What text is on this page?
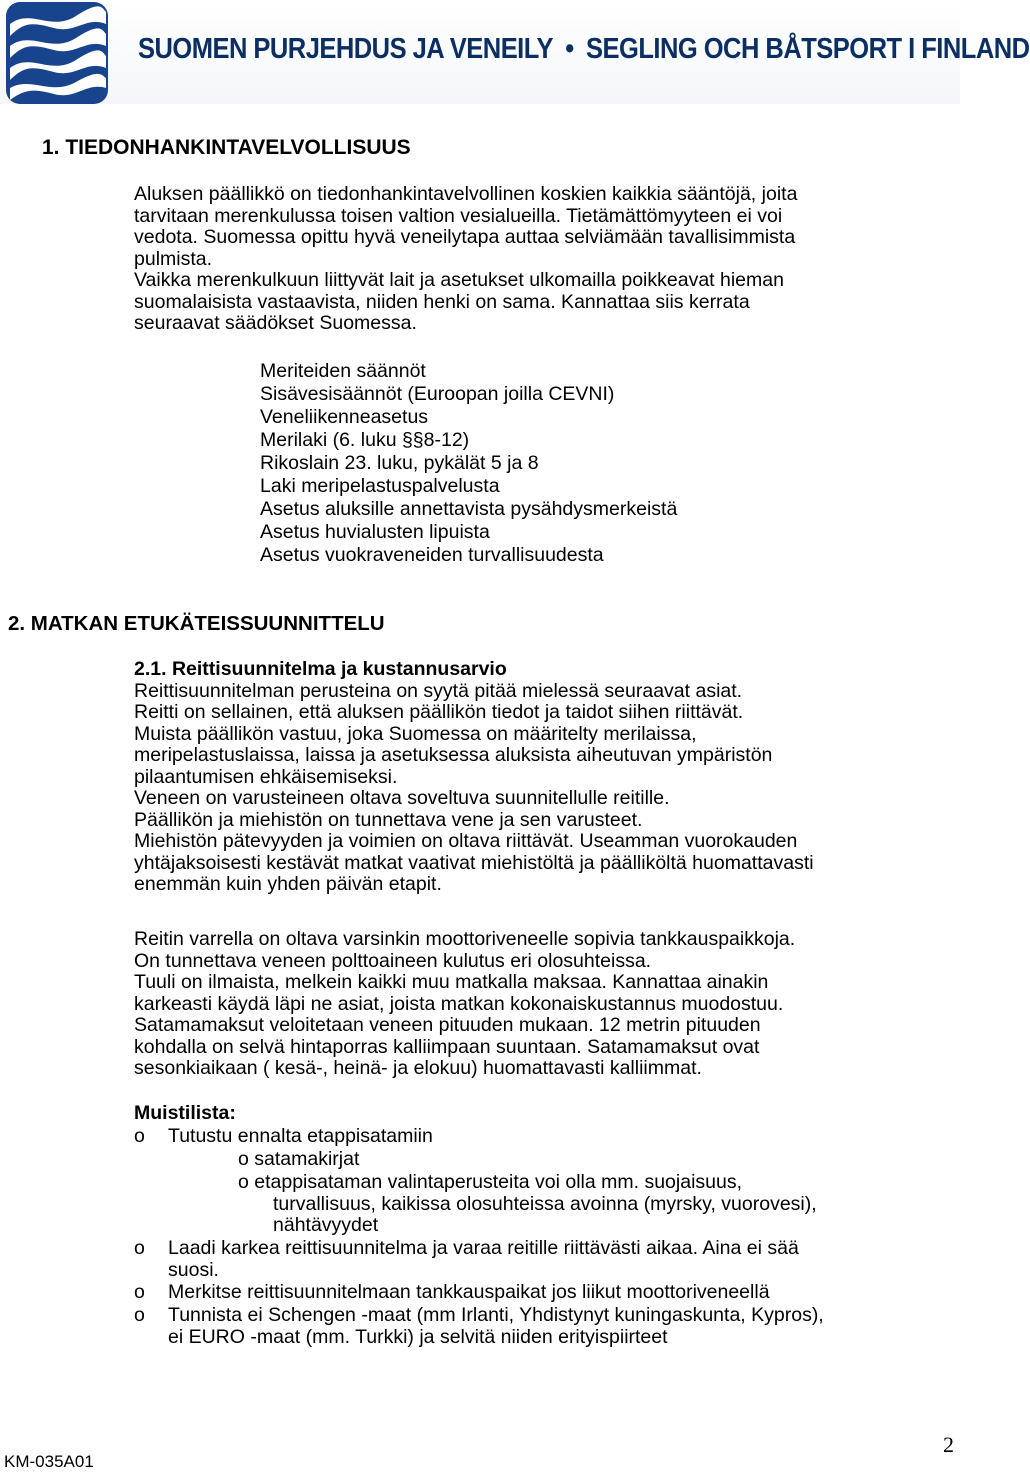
SUOMEN PURJEHDUS JA VENEILY • SEGLING OCH BÅTSPORT I FINLAND
1. TIEDONHANKINTAVELVOLLISUUS
Aluksen päällikkö on tiedonhankintavelvollinen koskien kaikkia sääntöjä, joita
tarvitaan merenkulussa toisen valtion vesialueilla. Tietämättömyyteen ei voi
vedota. Suomessa opittu hyvä veneilytapa auttaa selviämään tavallisimmista
pulmista.
Vaikka merenkulkuun liittyvät lait ja asetukset ulkomailla poikkeavat hieman
suomalaisista vastaavista, niiden henki on sama. Kannattaa siis kerrata
seuraavat säädökset Suomessa.
Meriteiden säännöt
Sisävesisäännöt (Euroopan joilla CEVNI)
Veneliikenneasetus
Merilaki (6. luku §§8-12)
Rikoslain 23. luku, pykälät 5 ja 8
Laki meripelastuspalvelusta
Asetus aluksille annettavista pysähdysmerkeistä
Asetus huvialusten lipuista
Asetus vuokraveneiden turvallisuudesta
2. MATKAN ETUKÄTEISSUUNNITTELU
2.1. Reittisuunnitelma ja kustannusarvio
Reittisuunnitelman perusteina on syytä pitää mielessä seuraavat asiat.
Reitti on sellainen, että aluksen päällikön tiedot ja taidot siihen riittävät.
Muista päällikön vastuu, joka Suomessa on määritelty merilaissa,
meripelastuslaissa, laissa ja asetuksessa aluksista aiheutuvan ympäristön
pilaantumisen ehkäisemiseksi.
Veneen on varusteineen oltava soveltuva suunnitellulle reitille.
Päällikön ja miehistön on tunnettava vene ja sen varusteet.
Miehistön pätevyyden ja voimien on oltava riittävät. Useamman vuorokauden
yhtäjaksoisesti kestävät matkat vaativat miehistöltä ja päälliköltä huomattavasti
enemmän kuin yhden päivän etapit.
Reitin varrella on oltava varsinkin moottoriveneelle sopivia tankkauspaikkoja.
On tunnettava veneen polttoaineen kulutus eri olosuhteissa.
Tuuli on ilmaista, melkein kaikki muu matkalla maksaa. Kannattaa ainakin
karkeasti käydä läpi ne asiat, joista matkan kokonaiskustannus muodostuu.
Satamamaksut veloitetaan veneen pituuden mukaan. 12 metrin pituuden
kohdalla on selvä hintaporras kalliimpaan suuntaan. Satamamaksut ovat
sesonkiaikaan ( kesä-, heinä- ja elokuu) huomattavasti kalliimmat.
Muistilista:
o	Tutustu ennalta etappisatamiin
o satamakirjat
o etappisataman valintaperusteita voi olla mm. suojaisuus,
turvallisuus, kaikissa olosuhteissa avoinna (myrsky, vuorovesi),
nähtävyydet
o	Laadi karkea reittisuunnitelma ja varaa reitille riittävästi aikaa. Aina ei sää
suosi.
o	Merkitse reittisuunnitelmaan tankkauspaikat jos liikut moottoriveneellä
o	Tunnista ei Schengen -maat (mm Irlanti, Yhdistynyt kuningaskunta, Kypros),
ei EURO -maat (mm. Turkki) ja selvitä niiden erityispiirteet
KM-035A01
2
